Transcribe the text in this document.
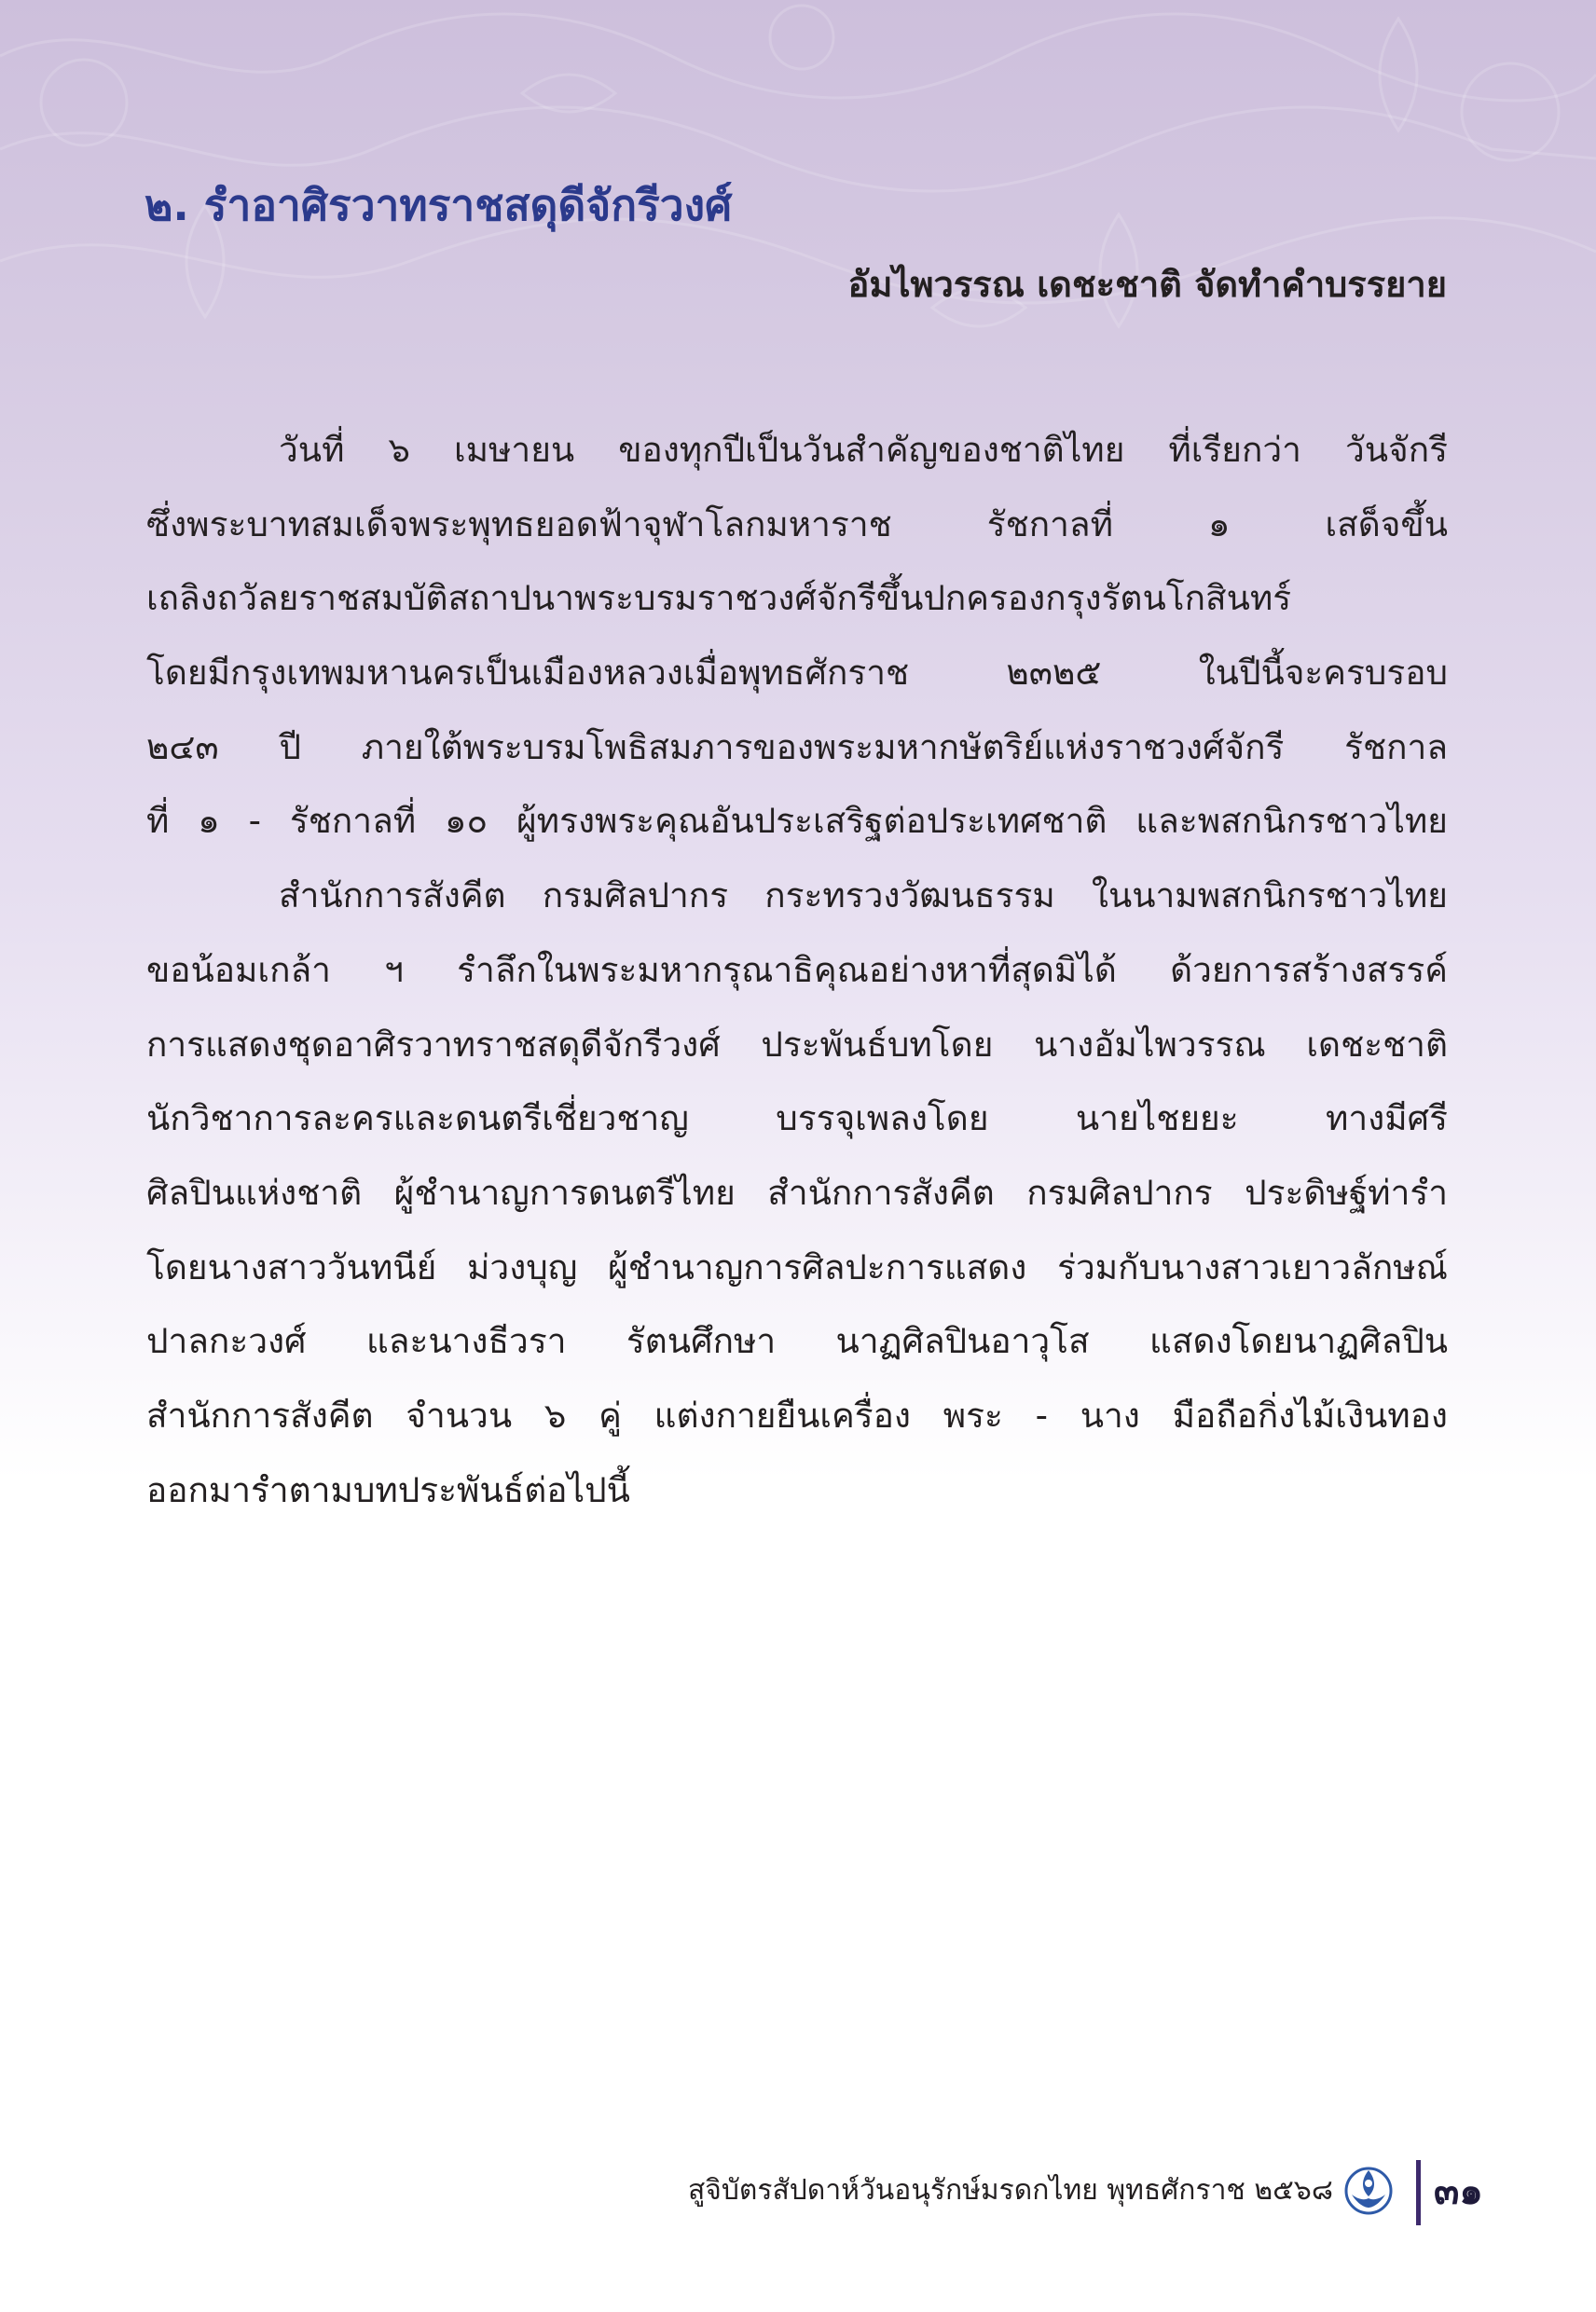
๒. รำอาศิรวาทราชสดุดีจักรีวงศ์

อัมไพวรรณ เดชะชาติ จัดทำคำบรรยาย

วันที่ ๖ เมษายน ของทุกปีเป็นวันสำคัญของชาติไทย ที่เรียกว่า วันจักรี
ซึ่งพระบาทสมเด็จพระพุทธยอดฟ้าจุฬาโลกมหาราช รัชกาลที่ ๑ เสด็จขึ้น
เถลิงถวัลยราชสมบัติสถาปนาพระบรมราชวงศ์จักรีขึ้นปกครองกรุงรัตนโกสินทร์
โดยมีกรุงเทพมหานครเป็นเมืองหลวงเมื่อพุทธศักราช ๒๓๒๕ ในปีนี้จะครบรอบ
๒๔๓ ปี ภายใต้พระบรมโพธิสมภารของพระมหากษัตริย์แห่งราชวงศ์จักรี รัชกาล
ที่ ๑ - รัชกาลที่ ๑๐ ผู้ทรงพระคุณอันประเสริฐต่อประเทศชาติ และพสกนิกรชาวไทย
สำนักการสังคีต กรมศิลปากร กระทรวงวัฒนธรรม ในนามพสกนิกรชาวไทย
ขอน้อมเกล้า ฯ รำลึกในพระมหากรุณาธิคุณอย่างหาที่สุดมิได้ ด้วยการสร้างสรรค์
การแสดงชุดอาศิรวาทราชสดุดีจักรีวงศ์ ประพันธ์บทโดย นางอัมไพวรรณ เดชะชาติ
นักวิชาการละครและดนตรีเชี่ยวชาญ บรรจุเพลงโดย นายไชยยะ ทางมีศรี
ศิลปินแห่งชาติ ผู้ชำนาญการดนตรีไทย สำนักการสังคีต กรมศิลปากร ประดิษฐ์ท่ารำ
โดยนางสาววันทนีย์ ม่วงบุญ ผู้ชำนาญการศิลปะการแสดง ร่วมกับนางสาวเยาวลักษณ์
ปาลกะวงศ์ และนางธีวรา รัตนศึกษา นาฏศิลปินอาวุโส แสดงโดยนาฏศิลปิน
สำนักการสังคีต จำนวน ๖ คู่ แต่งกายยืนเครื่อง พระ - นาง มือถือกิ่งไม้เงินทอง
ออกมารำตามบทประพันธ์ต่อไปนี้

สูจิบัตรสัปดาห์วันอนุรักษ์มรดกไทย พุทธศักราช ๒๕๖๘	๓๑
